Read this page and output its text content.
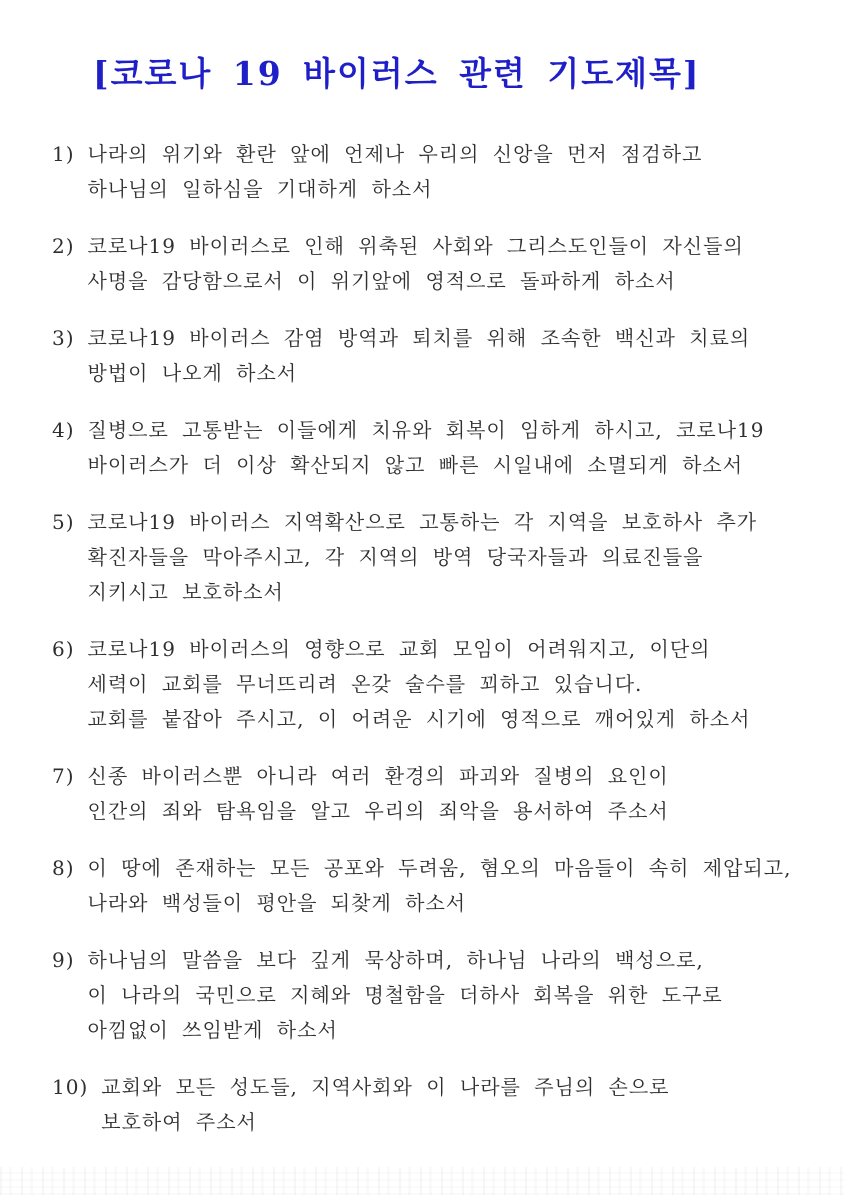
[코로나 19 바이러스 관련 기도제목]
1) 나라의 위기와 환란 앞에 언제나 우리의 신앙을 먼저 점검하고
하나님의 일하심을 기대하게 하소서
2) 코로나19 바이러스로 인해 위축된 사회와 그리스도인들이 자신들의
사명을 감당함으로서 이 위기앞에 영적으로 돌파하게 하소서
3) 코로나19 바이러스 감염 방역과 퇴치를 위해 조속한 백신과 치료의
방법이 나오게 하소서
4) 질병으로 고통받는 이들에게 치유와 회복이 임하게 하시고, 코로나19
바이러스가 더 이상 확산되지 않고 빠른 시일내에 소멸되게 하소서
5) 코로나19 바이러스 지역확산으로 고통하는 각 지역을 보호하사 추가
확진자들을 막아주시고, 각 지역의 방역 당국자들과 의료진들을
지키시고 보호하소서
6) 코로나19 바이러스의 영향으로 교회 모임이 어려워지고, 이단의
세력이 교회를 무너뜨리려 온갖 술수를 꾀하고 있습니다.
교회를 붙잡아 주시고, 이 어려운 시기에 영적으로 깨어있게 하소서
7) 신종 바이러스뿐 아니라 여러 환경의 파괴와 질병의 요인이
인간의 죄와 탐욕임을 알고 우리의 죄악을 용서하여 주소서
8) 이 땅에 존재하는 모든 공포와 두려움, 혐오의 마음들이 속히 제압되고,
나라와 백성들이 평안을 되찾게 하소서
9) 하나님의 말씀을 보다 깊게 묵상하며, 하나님 나라의 백성으로,
이 나라의 국민으로 지혜와 명철함을 더하사 회복을 위한 도구로
아낌없이 쓰임받게 하소서
10) 교회와 모든 성도들, 지역사회와 이 나라를 주님의 손으로
보호하여 주소서
